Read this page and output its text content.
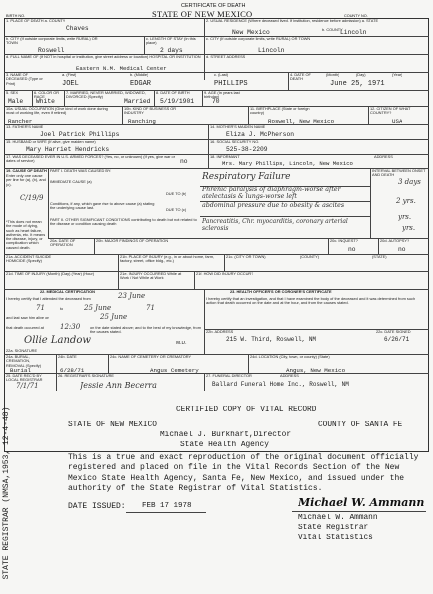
CERTIFICATE OF DEATH
STATE OF NEW MEXICO
BIRTH NO.	COUNTY NO.
1. PLACE OF DEATH a. COUNTY
Chaves
2. USUAL RESIDENCE (Where deceased lived. If institution, residence before admission) a. STATE
New Mexico	b. COUNTY
Lincoln
b. CITY (If outside corporate limits, write RURAL) OR TOWN
Roswell
c. LENGTH OF STAY (In this place)
2 days
c. CITY (If outside corporate limits, write RURAL) OR TOWN
Lincoln
d. FULL NAME OF (If NOT in hospital or institution, give street address or location) HOSPITAL OR INSTITUTION
Eastern N.M. Medical Center
d. STREET ADDRESS
3. NAME OF DECEASED (Type or Print)
a. (First)
JOEL
b. (Middle)
EDGAR
c. (Last)
PHILLIPS
4. DATE OF DEATH
(Month)	(Day)	(Year)
June 25, 1971
5. SEX
Male
6. COLOR OR RACE
White
7. MARRIED, NEVER MARRIED, WIDOWED, DIVORCED (Specify)
Married
8. DATE OF BIRTH
5/19/1901
9. AGE (In years last birthday)
70
10a. USUAL OCCUPATION (Give kind of work done during most of working life, even if retired)
Rancher
10b. KIND OF BUSINESS OR INDUSTRY
Ranching
11. BIRTHPLACE (State or foreign country)
Roswell, New Mexico
12. CITIZEN OF WHAT COUNTRY?
USA
13. FATHER'S NAME
Joel Patrick Phillips
14. MOTHER'S MAIDEN NAME
Eliza J. McPherson
15. HUSBAND or WIFE (If alive, give maiden name)
Mary Harriet Hendricks
16. SOCIAL SECURITY NO.
525-38-2209
17. WAS DECEASED EVER IN U.S. ARMED FORCES? (Yes, no, or unknown) (If yes, give war or dates of service)	no
18. INFORMANT	ADDRESS
Mrs. Mary Phillips, Lincoln, New Mexico
19. CAUSE OF DEATH
Enter only one cause per line for (a), (b), and (c).
C/19/9
*This does not mean the mode of dying, such as heart failure, asthenia, etc. It means the disease, injury, or complication which caused death.
PART I. DEATH WAS CAUSED BY:
IMMEDIATE CAUSE (a)	Respiratory Failure
INTERVAL BETWEEN ONSET AND DEATH
3 days
DUE TO (b)
Phrenic paralysis of diaphragm-worse after atelectasis & lungs-worse left
2 yrs.
Conditions, if any, which gave rise to above cause (a) stating the underlying cause last.	DUE TO (c)
abdominal pressure due to obesity & ascites
yrs.
PART II. OTHER SIGNIFICANT CONDITIONS contributing to death but not related to the disease or condition causing death	Pancreatitis, Chr. myocarditis, coronary arterial sclerosis	yrs.
20a. DATE OF OPERATION
20b. MAJOR FINDINGS OF OPERATION	20c. INQUEST?
no
20d. AUTOPSY?
no
21a. ACCIDENT SUICIDE HOMICIDE (Specify)
21b. PLACE OF INJURY (e.g., in or about home, farm, factory, street, office bldg., etc.)
21c. (CITY OR TOWN)	(COUNTY)	(STATE)
21d. TIME OF INJURY (Month) (Day) (Year) (Hour)	21e. INJURY OCCURRED While at Work / Not While at Work
21f. HOW DID INJURY OCCUR?
22. MEDICAL CERTIFICATION
I hereby certify that I attended the deceased from	23 June
71	to	25 June	71
and last saw him alive on	25 June
that death occurred at 12:30	on the date stated above; and to the best of my knowledge, from the causes stated.
Ollie Landow	M.D.
22a. SIGNATURE
22b. ADDRESS
215 W. Third, Roswell, NM
22c. DATE SIGNED
6/26/71
23. HEALTH OFFICER'S OR CORONER'S CERTIFICATE
I hereby certify that an investigation, and that I have examined the body of the deceased and it was determined from such action that death occurred on the date and at the hour, and from the causes stated.
24a. BURIAL, CREMATION, REMOVAL (Specify)
Burial
24b. DATE
6/28/71
24c. NAME OF CEMETERY OR CREMATORY
Angus Cemetery
24d. LOCATION (City, town, or county) (State)
Angus, New Mexico
25. DATE REC'D BY LOCAL REGISTRAR
7/1/71
26. REGISTRAR'S SIGNATURE
Jessie Ann Becerra
27. FUNERAL DIRECTOR	ADDRESS
Ballard Funeral Home Inc., Roswell, NM
STATE REGISTRAR (NMSA,1953, 12-4-48)	CERTIFIED COPY OF VITAL RECORD
STATE OF NEW MEXICO	COUNTY OF SANTA FE
Michael J. Burkhart,Director
State Health Agency
This is a true and exact reproduction of the original document officially registered and placed on file in the Vital Records Section of the New Mexico State Health Agency, Santa Fe, New Mexico, and issued under the authority of the State Registrar of Vital Statistics.
DATE ISSUED: FEB 17 1978	Michael W. Ammann
Michael W. Ammann
State Registrar
Vital Statistics
